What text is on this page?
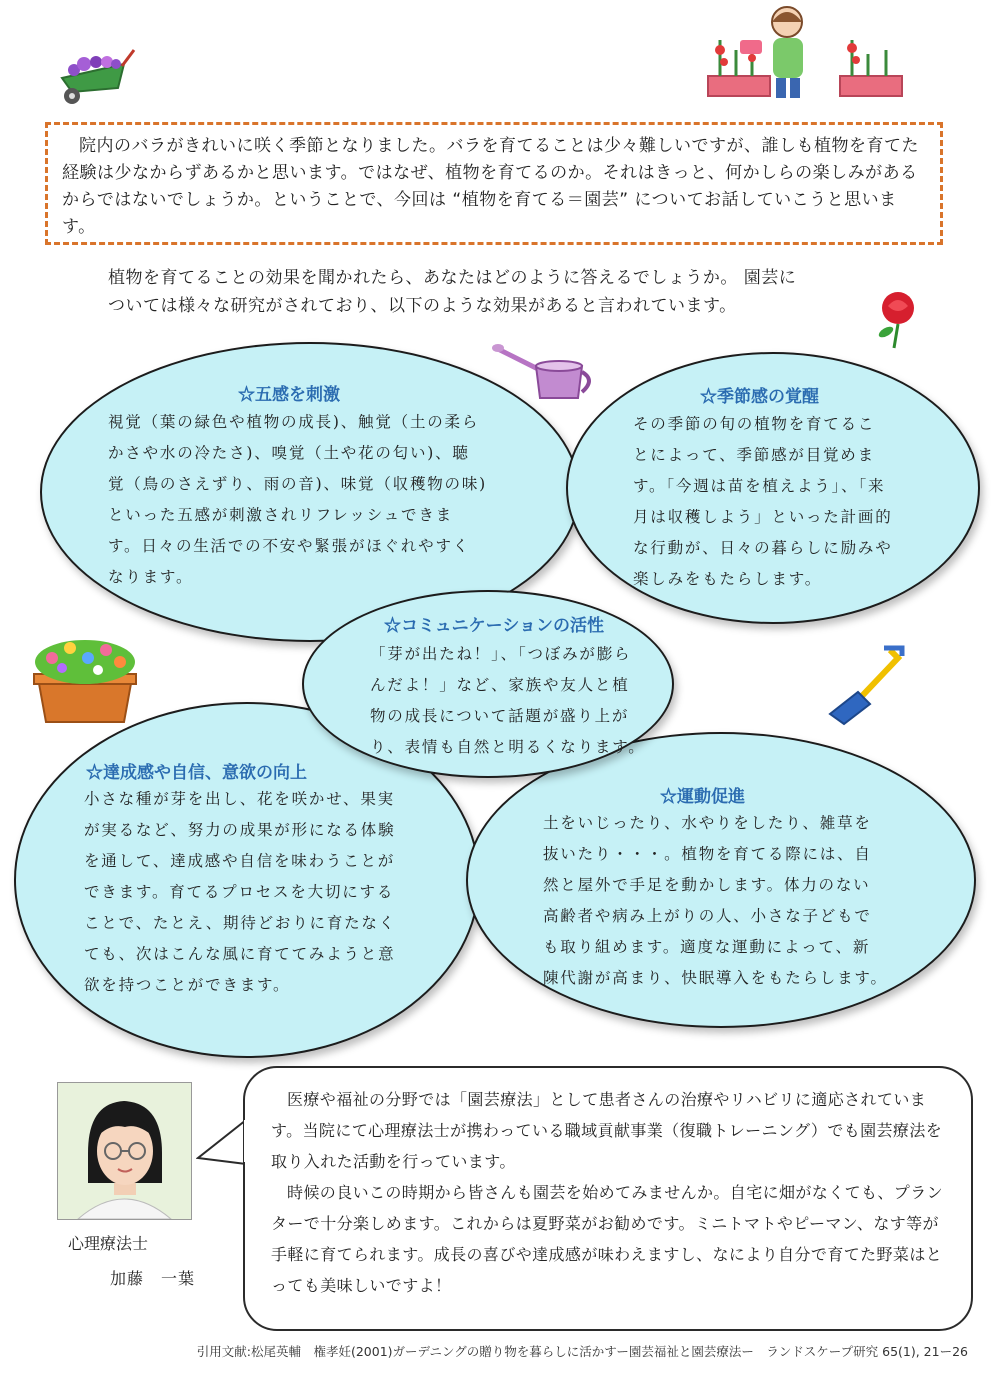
院内のバラがきれいに咲く季節となりました。バラを育てることは少々難しいですが、誰しも植物を育てた経験は少なからずあるかと思います。ではなぜ、植物を育てるのか。それはきっと、何かしらの楽しみがあるからではないでしょうか。ということで、今回は “植物を育てる＝園芸” についてお話していこうと思います。

植物を育てることの効果を聞かれたら、あなたはどのように答えるでしょうか。 園芸に

ついては様々な研究がされており、以下のような効果があると言われています。

☆五感を刺激

視覚（葉の緑色や植物の成長)、触覚（土の柔ら

かさや水の冷たさ)、嗅覚（土や花の匂い)、聴

覚（鳥のさえずり、雨の音)、味覚（収穫物の味)

といった五感が刺激されリフレッシュできま

す。日々の生活での不安や緊張がほぐれやすく

なります。

☆季節感の覚醒

その季節の旬の植物を育てるこ

とによって、季節感が目覚めま

す。「今週は苗を植えよう」、「来

月は収穫しよう」といった計画的

な行動が、日々の暮らしに励みや

楽しみをもたらします。

☆コミュニケーションの活性

「芽が出たね！」、「つぼみが膨ら

んだよ！」など、家族や友人と植

物の成長について話題が盛り上が

り、表情も自然と明るくなります。

☆達成感や自信、意欲の向上

小さな種が芽を出し、花を咲かせ、果実

が実るなど、努力の成果が形になる体験

を通して、達成感や自信を味わうことが

できます。育てるプロセスを大切にする

ことで、たとえ、期待どおりに育たなく

ても、次はこんな風に育ててみようと意

欲を持つことができます。

☆運動促進

土をいじったり、水やりをしたり、雑草を

抜いたり・・・。植物を育てる際には、自

然と屋外で手足を動かします。体力のない

高齢者や病み上がりの人、小さな子どもで

も取り組めます。適度な運動によって、新

陳代謝が高まり、快眠導入をもたらします。

心理療法士
加藤　一葉

医療や福祉の分野では「園芸療法」として患者さんの治療やリハビリに適応されています。当院にて心理療法士が携わっている職域貢献事業（復職トレーニング）でも園芸療法を取り入れた活動を行っています。

時候の良いこの時期から皆さんも園芸を始めてみませんか。自宅に畑がなくても、プランターで十分楽しめます。これからは夏野菜がお勧めです。ミニトマトやピーマン、なす等が手軽に育てられます。成長の喜びや達成感が味わえますし、なにより自分で育てた野菜はとっても美味しいですよ！

引用文献:松尾英輔　権孝妊(2001)ガーデニングの贈り物を暮らしに活かすー園芸福祉と園芸療法ー　ランドスケープ研究 65(1), 21ー26
